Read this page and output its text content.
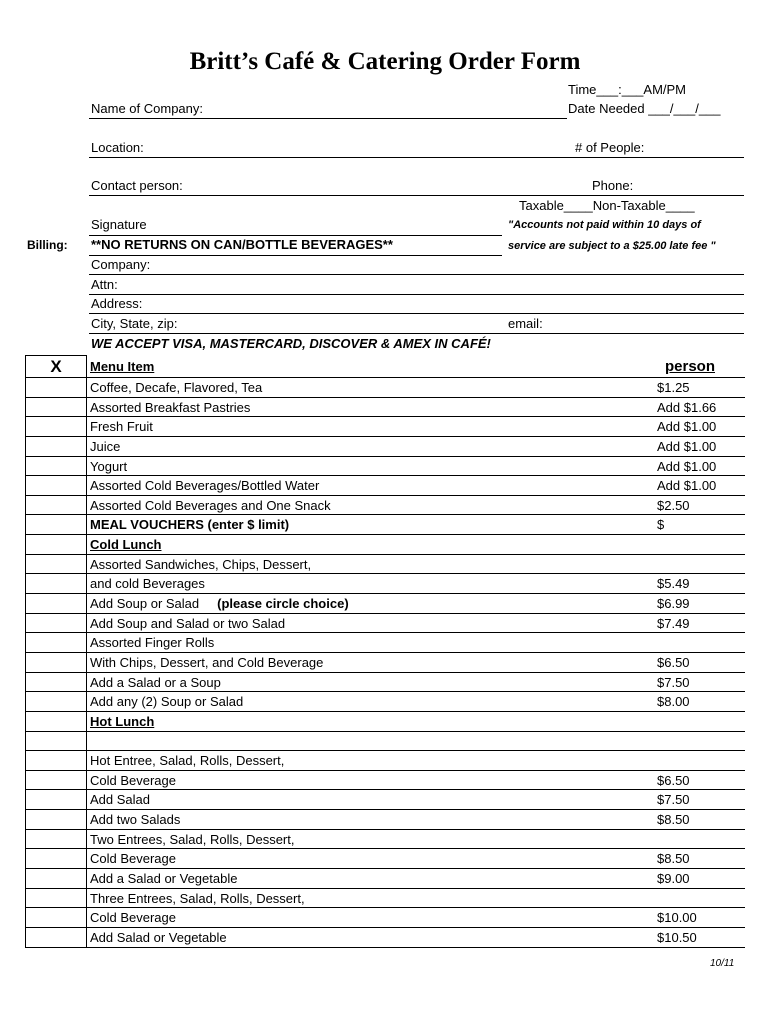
Britt’s Café & Catering Order Form
Time___:___AM/PM
Name of Company:	Date Needed ___/___/___
Location:	# of People:
Contact person:	Phone:
Taxable____Non-Taxable____
Signature	"Accounts not paid within 10 days of
service are subject to a $25.00 late fee "
Billing: **NO RETURNS ON CAN/BOTTLE BEVERAGES**
Company:
Attn:
Address:
City, State, zip:	email:
WE ACCEPT VISA, MASTERCARD, DISCOVER & AMEX IN CAFÉ!
X	Menu Item	person
Coffee, Decafe, Flavored, Tea	$1.25
Assorted Breakfast Pastries	Add $1.66
Fresh Fruit	Add $1.00
Juice	Add $1.00
Yogurt	Add $1.00
Assorted Cold Beverages/Bottled Water	Add $1.00
Assorted Cold Beverages and One Snack	$2.50
MEAL VOUCHERS (enter $ limit)	$
Cold Lunch
Assorted Sandwiches, Chips, Dessert,
and cold Beverages	$5.49
Add Soup or Salad (please circle choice)	$6.99
Add Soup and Salad or two Salad	$7.49
Assorted Finger Rolls
With Chips, Dessert, and Cold Beverage	$6.50
Add a Salad or a Soup	$7.50
Add any (2) Soup or Salad	$8.00
Hot Lunch
Hot Entree, Salad, Rolls, Dessert,
Cold Beverage	$6.50
Add Salad	$7.50
Add two Salads	$8.50
Two Entrees, Salad, Rolls, Dessert,
Cold Beverage	$8.50
Add a Salad or Vegetable	$9.00
Three Entrees, Salad, Rolls, Dessert,
Cold Beverage	$10.00
Add Salad or Vegetable	$10.50
10/11
